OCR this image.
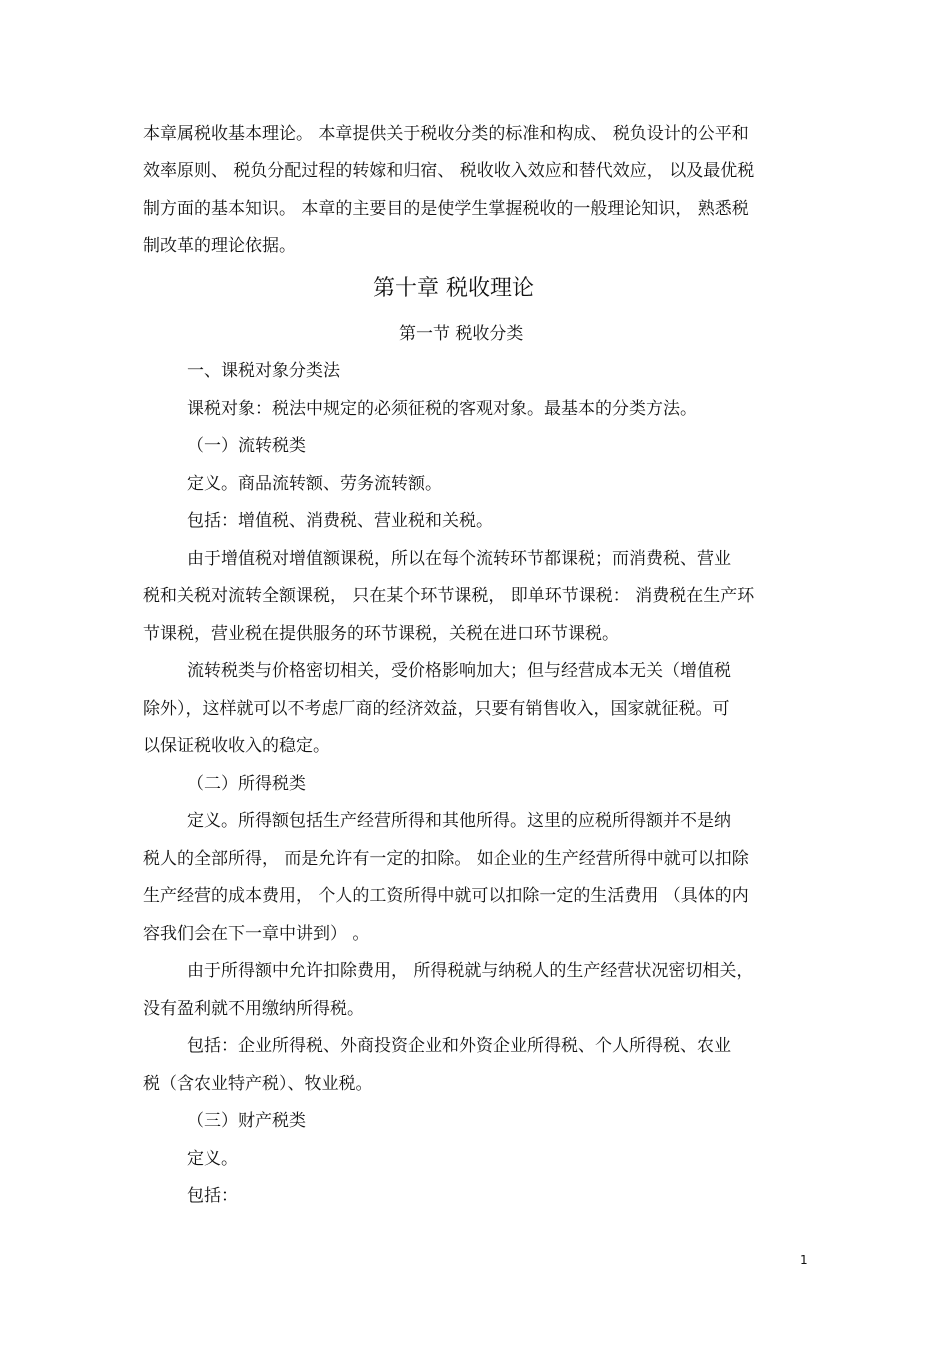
本章属税收基本理论。 本章提供关于税收分类的标准和构成、 税负设计的公平和
效率原则、 税负分配过程的转嫁和归宿、 税收收入效应和替代效应， 以及最优税
制方面的基本知识。 本章的主要目的是使学生掌握税收的一般理论知识， 熟悉税
制改革的理论依据。
第十章 税收理论
第一节 税收分类
一、课税对象分类法
课税对象：税法中规定的必须征税的客观对象。最基本的分类方法。
（一）流转税类
定义。商品流转额、劳务流转额。
包括：增值税、消费税、营业税和关税。
由于增值税对增值额课税，所以在每个流转环节都课税；而消费税、营业
税和关税对流转全额课税， 只在某个环节课税， 即单环节课税： 消费税在生产环
节课税，营业税在提供服务的环节课税，关税在进口环节课税。
流转税类与价格密切相关，受价格影响加大；但与经营成本无关（增值税
除外），这样就可以不考虑厂商的经济效益，只要有销售收入，国家就征税。可
以保证税收收入的稳定。
（二）所得税类
定义。所得额包括生产经营所得和其他所得。这里的应税所得额并不是纳
税人的全部所得， 而是允许有一定的扣除。 如企业的生产经营所得中就可以扣除
生产经营的成本费用， 个人的工资所得中就可以扣除一定的生活费用 （具体的内
容我们会在下一章中讲到） 。
由于所得额中允许扣除费用， 所得税就与纳税人的生产经营状况密切相关，
没有盈利就不用缴纳所得税。
包括：企业所得税、外商投资企业和外资企业所得税、个人所得税、农业
税（含农业特产税）、牧业税。
（三）财产税类
定义。
包括：
1
